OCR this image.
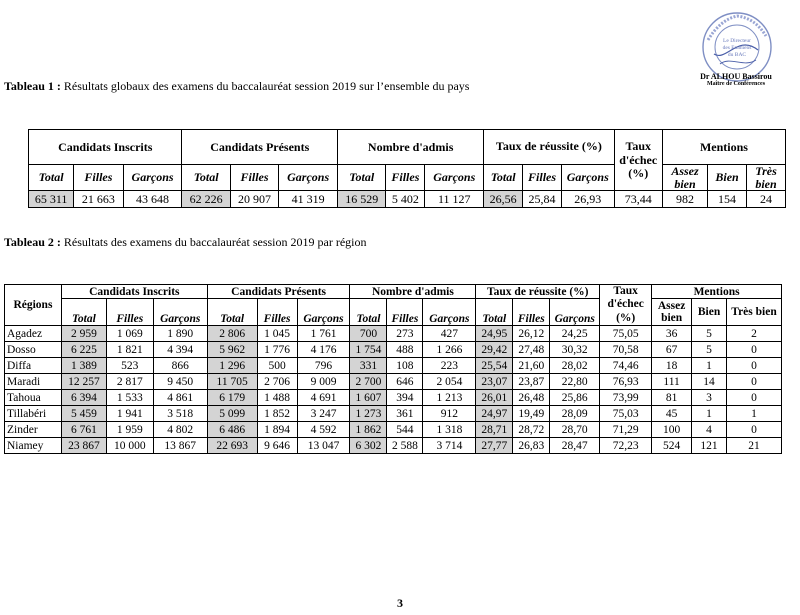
Le Directeur
des Examens
du BAC
Dr ALHOU Bassirou
Maître de Conférences
Tableau 1 : Résultats globaux des examens du baccalauréat session 2019 sur l’ensemble du pays
Candidats Inscrits			Candidats Présents			Nombre d'admis			Taux de réussite (%)			Taux d'échec (%)	Mentions		
Total	Filles	Garçons	Total	Filles	Garçons	Total	Filles	Garçons	Total	Filles	Garçons		Assez bien	Bien	Très bien
65 311	21 663	43 648	62 226	20 907	41 319	16 529	5 402	11 127	26,56	25,84	26,93	73,44	982	154	24
Tableau 2 : Résultats des examens du baccalauréat session 2019 par région
Régions	Candidats Inscrits			Candidats Présents			Nombre d'admis			Taux de réussite (%)			Taux d'échec (%)	Mentions		
	Total	Filles	Garçons	Total	Filles	Garçons	Total	Filles	Garçons	Total	Filles	Garçons		Assez bien	Bien	Très bien
Agadez	2 959	1 069	1 890	2 806	1 045	1 761	700	273	427	24,95	26,12	24,25	75,05	36	5	2
Dosso	6 225	1 821	4 394	5 962	1 776	4 176	1 754	488	1 266	29,42	27,48	30,32	70,58	67	5	0
Diffa	1 389	523	866	1 296	500	796	331	108	223	25,54	21,60	28,02	74,46	18	1	0
Maradi	12 257	2 817	9 450	11 705	2 706	9 009	2 700	646	2 054	23,07	23,87	22,80	76,93	111	14	0
Tahoua	6 394	1 533	4 861	6 179	1 488	4 691	1 607	394	1 213	26,01	26,48	25,86	73,99	81	3	0
Tillabéri	5 459	1 941	3 518	5 099	1 852	3 247	1 273	361	912	24,97	19,49	28,09	75,03	45	1	1
Zinder	6 761	1 959	4 802	6 486	1 894	4 592	1 862	544	1 318	28,71	28,72	28,70	71,29	100	4	0
Niamey	23 867	10 000	13 867	22 693	9 646	13 047	6 302	2 588	3 714	27,77	26,83	28,47	72,23	524	121	21
3
